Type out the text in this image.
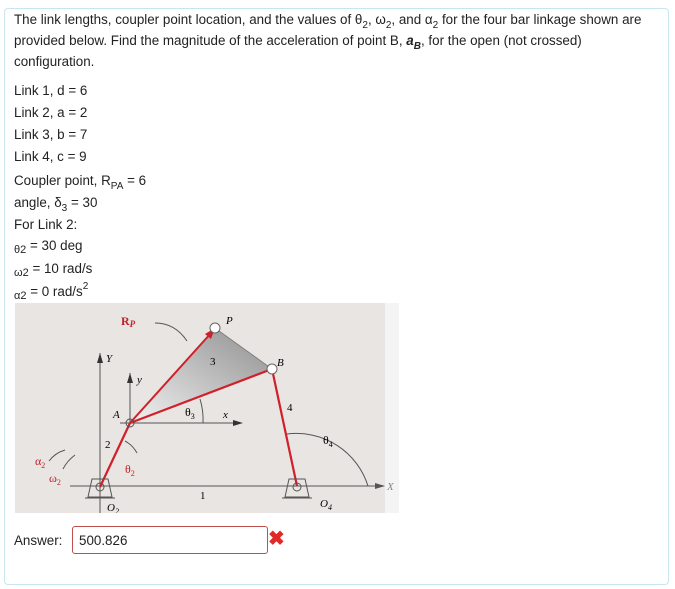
The link lengths, coupler point location, and the values of $\theta_2$, $\omega_2$, and $\alpha_2$ for the four bar linkage shown are provided below. Find the magnitude of the acceleration of point B, $a_B$, for the open (not crossed) configuration.
Link 1, d = 6
Link 2, a = 2
Link 3, b = 7
Link 4, c = 9
Coupler point, $R_{PA} = 6$
angle, $\delta_3 = 30$
For Link 2:
$_{\theta 2}$ = 30 deg
$_{\omega 2}$ = 10 rad/s
$_{\alpha 2}$ = 0 rad/$s^2$
X
Y
y
x
RP	P
B
A
2
3
4
1
$\theta_2$
$\theta_3$
$\theta_4$
$\alpha_2$
$\omega_2$
$O_2$
$O_4$
Answer:
500.826	✖
